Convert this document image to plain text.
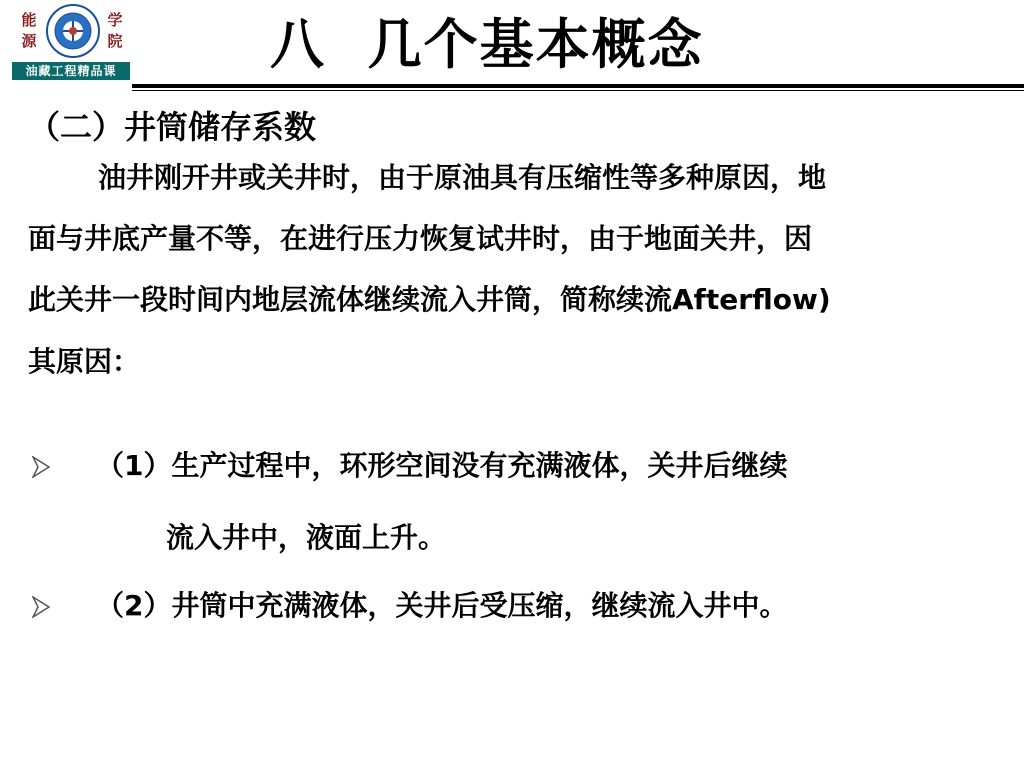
能源
学院
油藏工程精品课	八  几个基本概念
（二）井筒储存系数
油井刚开井或关井时，由于原油具有压缩性等多种原因，地
面与井底产量不等，在进行压力恢复试井时，由于地面关井，因
此关井一段时间内地层流体继续流入井筒，简称续流Afterflow)
其原因：
（1）生产过程中，环形空间没有充满液体，关井后继续
流入井中，液面上升。
（2）井筒中充满液体，关井后受压缩，继续流入井中。
